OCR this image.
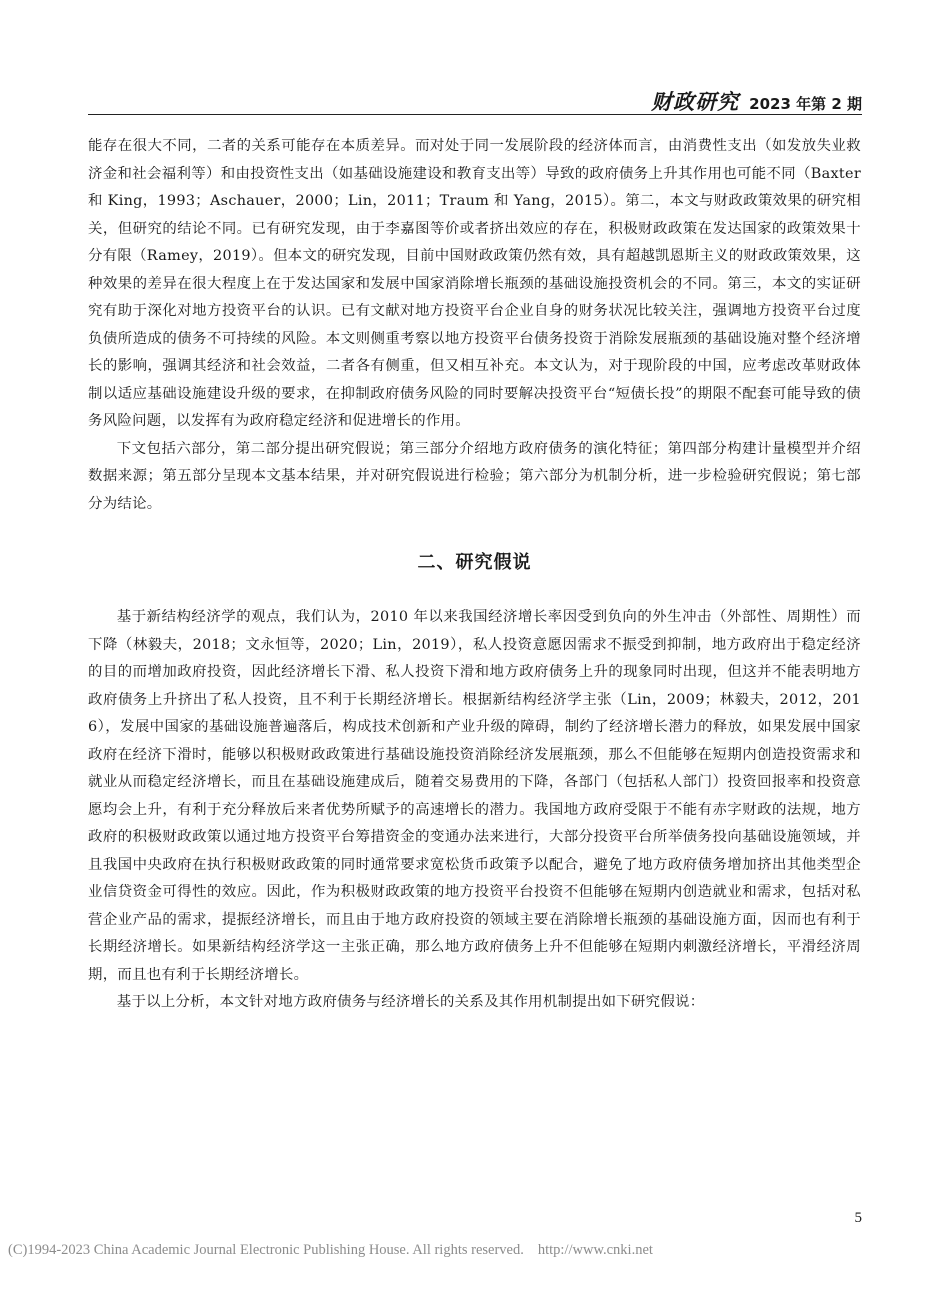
财政研究 2023 年第 2 期

能存在很大不同，二者的关系可能存在本质差异。而对处于同一发展阶段的经济体而言，由消费性支出（如发放失业救济金和社会福利等）和由投资性支出（如基础设施建设和教育支出等）导致的政府债务上升其作用也可能不同（Baxter 和 King，1993；Aschauer，2000；Lin，2011；Traum 和 Yang，2015）。第二，本文与财政政策效果的研究相关，但研究的结论不同。已有研究发现，由于李嘉图等价或者挤出效应的存在，积极财政政策在发达国家的政策效果十分有限（Ramey，2019）。但本文的研究发现，目前中国财政政策仍然有效，具有超越凯恩斯主义的财政政策效果，这种效果的差异在很大程度上在于发达国家和发展中国家消除增长瓶颈的基础设施投资机会的不同。第三，本文的实证研究有助于深化对地方投资平台的认识。已有文献对地方投资平台企业自身的财务状况比较关注，强调地方投资平台过度负债所造成的债务不可持续的风险。本文则侧重考察以地方投资平台债务投资于消除发展瓶颈的基础设施对整个经济增长的影响，强调其经济和社会效益，二者各有侧重，但又相互补充。本文认为，对于现阶段的中国，应考虑改革财政体制以适应基础设施建设升级的要求，在抑制政府债务风险的同时要解决投资平台“短债长投”的期限不配套可能导致的债务风险问题，以发挥有为政府稳定经济和促进增长的作用。

下文包括六部分，第二部分提出研究假说；第三部分介绍地方政府债务的演化特征；第四部分构建计量模型并介绍数据来源；第五部分呈现本文基本结果，并对研究假说进行检验；第六部分为机制分析，进一步检验研究假说；第七部分为结论。

二、研究假说

基于新结构经济学的观点，我们认为，2010 年以来我国经济增长率因受到负向的外生冲击（外部性、周期性）而下降（林毅夫，2018；文永恒等，2020；Lin，2019），私人投资意愿因需求不振受到抑制，地方政府出于稳定经济的目的而增加政府投资，因此经济增长下滑、私人投资下滑和地方政府债务上升的现象同时出现，但这并不能表明地方政府债务上升挤出了私人投资，且不利于长期经济增长。根据新结构经济学主张（Lin，2009；林毅夫，2012，2016），发展中国家的基础设施普遍落后，构成技术创新和产业升级的障碍，制约了经济增长潜力的释放，如果发展中国家政府在经济下滑时，能够以积极财政政策进行基础设施投资消除经济发展瓶颈，那么不但能够在短期内创造投资需求和就业从而稳定经济增长，而且在基础设施建成后，随着交易费用的下降，各部门（包括私人部门）投资回报率和投资意愿均会上升，有利于充分释放后来者优势所赋予的高速增长的潜力。我国地方政府受限于不能有赤字财政的法规，地方政府的积极财政政策以通过地方投资平台筹措资金的变通办法来进行，大部分投资平台所举债务投向基础设施领域，并且我国中央政府在执行积极财政政策的同时通常要求宽松货币政策予以配合，避免了地方政府债务增加挤出其他类型企业信贷资金可得性的效应。因此，作为积极财政政策的地方投资平台投资不但能够在短期内创造就业和需求，包括对私营企业产品的需求，提振经济增长，而且由于地方政府投资的领域主要在消除增长瓶颈的基础设施方面，因而也有利于长期经济增长。如果新结构经济学这一主张正确，那么地方政府债务上升不但能够在短期内刺激经济增长，平滑经济周期，而且也有利于长期经济增长。

基于以上分析，本文针对地方政府债务与经济增长的关系及其作用机制提出如下研究假说：

5
(C)1994-2023 China Academic Journal Electronic Publishing House. All rights reserved. http://www.cnki.net
